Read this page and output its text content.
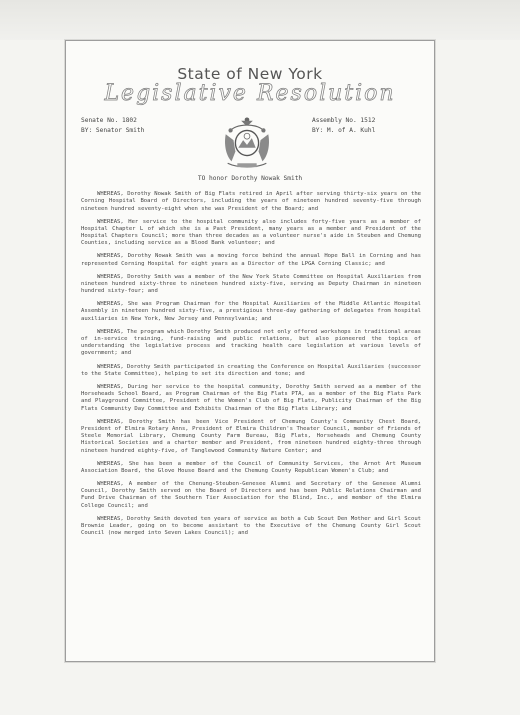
State of New York
Legislative Resolution
Senate No. 1802
BY: Senator Smith
Assembly No. 1512
BY: M. of A. Kuhl
TO honor Dorothy Nowak Smith

WHEREAS, Dorothy Nowak Smith of Big Flats retired in April after serving thirty-six years on the Corning Hospital Board of Directors, including the years of nineteen hundred seventy-five through nineteen hundred seventy-eight when she was President of the Board; and

WHEREAS, Her service to the hospital community also includes forty-five years as a member of Hospital Chapter L of which she is a Past President, many years as a member and President of the Hospital Chapters Council; more than three decades as a volunteer nurse's aide in Steuben and Chemung Counties, including service as a Blood Bank volunteer; and

WHEREAS, Dorothy Nowak Smith was a moving force behind the annual Hope Ball in Corning and has represented Corning Hospital for eight years as a Director of the LPGA Corning Classic; and

WHEREAS, Dorothy Smith was a member of the New York State Committee on Hospital Auxiliaries from nineteen hundred sixty-three to nineteen hundred sixty-five, serving as Deputy Chairman in nineteen hundred sixty-four; and

WHEREAS, She was Program Chairman for the Hospital Auxiliaries of the Middle Atlantic Hospital Assembly in nineteen hundred sixty-five, a prestigious three-day gathering of delegates from hospital auxiliaries in New York, New Jersey and Pennsylvania; and

WHEREAS, The program which Dorothy Smith produced not only offered workshops in traditional areas of in-service training, fund-raising and public relations, but also pioneered the topics of understanding the legislative process and tracking health care legislation at various levels of government; and

WHEREAS, Dorothy Smith participated in creating the Conference on Hospital Auxiliaries (successor to the State Committee), helping to set its direction and tone; and

WHEREAS, During her service to the hospital community, Dorothy Smith served as a member of the Horseheads School Board, as Program Chairman of the Big Flats PTA, as a member of the Big Flats Park and Playground Committee, President of the Women's Club of Big Flats, Publicity Chairman of the Big Flats Community Day Committee and Exhibits Chairman of the Big Flats Library; and

WHEREAS, Dorothy Smith has been Vice President of Chemung County's Community Chest Board, President of Elmira Rotary Anns, President of Elmira Children's Theater Council, member of Friends of Steele Memorial Library, Chemung County Farm Bureau, Big Flats, Horseheads and Chemung County Historical Societies and a charter member and President, from nineteen hundred eighty-three through nineteen hundred eighty-five, of Tanglewood Community Nature Center; and

WHEREAS, She has been a member of the Council of Community Services, the Arnot Art Museum Association Board, the Glove House Board and the Chemung County Republican Women's Club; and

WHEREAS, A member of the Chenung-Steuben-Genesee Alumni and Secretary of the Genesee Alumni Council, Dorothy Smith served on the Board of Directors and has been Public Relations Chairman and Fund Drive Chairman of the Southern Tier Association for the Blind, Inc., and member of the Elmira College Council; and

WHEREAS, Dorothy Smith devoted ten years of service as both a Cub Scout Den Mother and Girl Scout Brownie Leader, going on to become assistant to the Executive of the Chemung County Girl Scout Council (now merged into Seven Lakes Council); and
